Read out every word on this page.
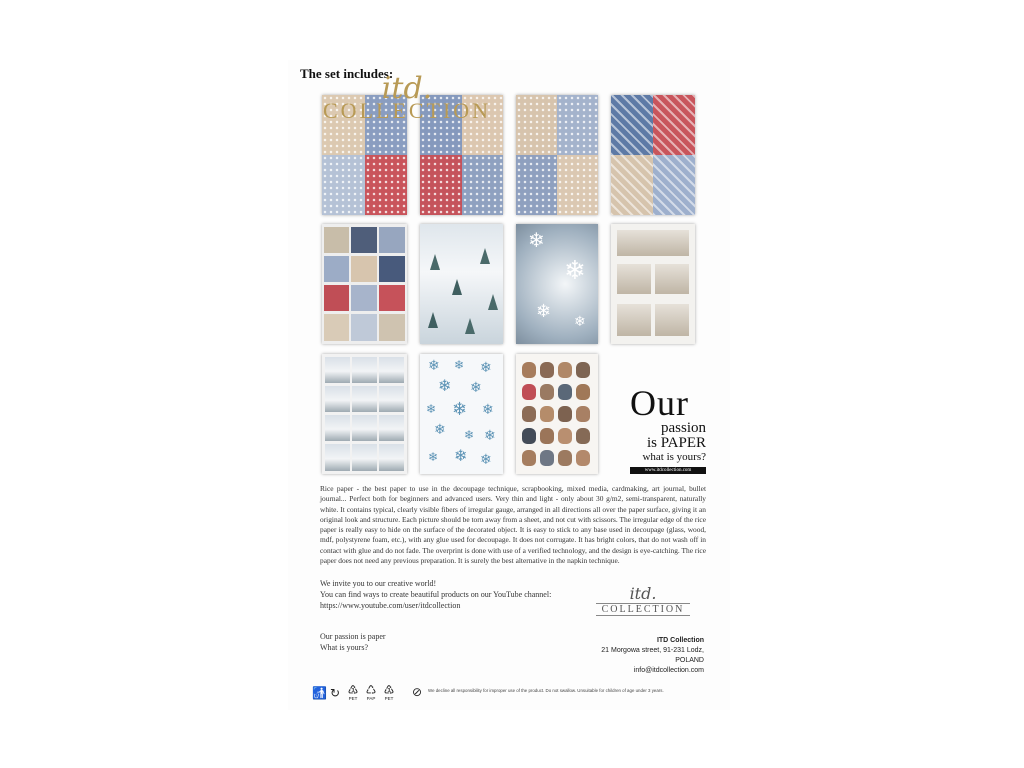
The set includes:
itd.
COLLECTION
❄
❄
❄
❄
❄ ❄ ❄
❄ ❄
❄ ❄ ❄
❄ ❄ ❄
❄ ❄ ❄
Our
passion
is PAPER
what is yours?
www.itdcollection.com
Rice paper - the best paper to use in the decoupage technique, scrapbooking, mixed media, cardmaking, art journal, bullet journal... Perfect both for beginners and advanced users. Very thin and light - only about 30 g/m2, semi-transparent, naturally white. It contains typical, clearly visible fibers of irregular gauge, arranged in all directions all over the paper surface, giving it an original look and structure. Each picture should be torn away from a sheet, and not cut with scissors. The irregular edge of the rice paper is really easy to hide on the surface of the decorated object. It is easy to stick to any base used in decoupage (glass, wood, mdf, polystyrene foam, etc.), with any glue used for decoupage. It does not corrugate. It has bright colors, that do not wash off in contact with glue and do not fade. The overprint is done with use of a verified technology, and the design is eye-catching. The rice paper does not need any previous preparation. It is surely the best alternative in the napkin technique.
We invite you to our creative world!
You can find ways to create beautiful products on our YouTube channel:
https://www.youtube.com/user/itdcollection
Our passion is paper
What is yours?
itd.
COLLECTION
ITD Collection
21 Morgowa street, 91-231 Lodz, POLAND
info@itdcollection.com
🚮 ↻ ♳
PET
♺
PAP
♳
PET ⊘ We decline all responsibility for improper use of the product. Do not swallow. Unsuitable for children of age under 3 years.
